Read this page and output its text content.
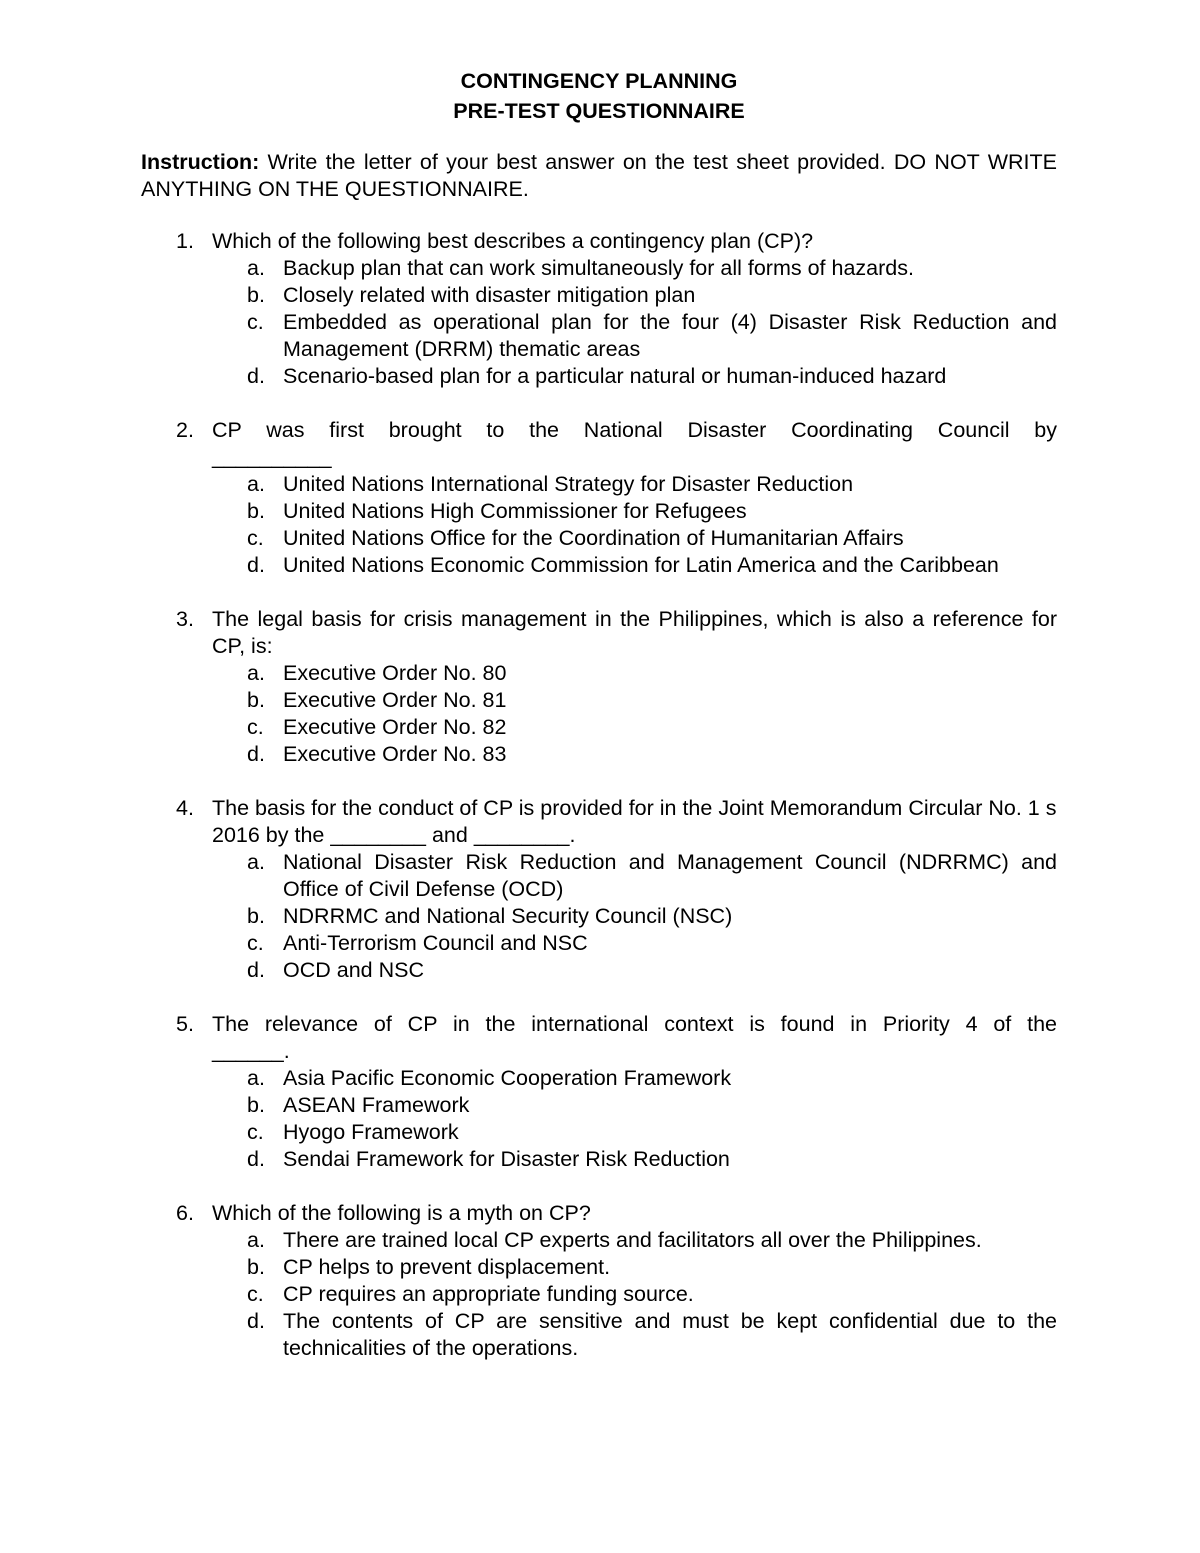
CONTINGENCY PLANNING
PRE-TEST QUESTIONNAIRE
Instruction: Write the letter of your best answer on the test sheet provided. DO NOT WRITE ANYTHING ON THE QUESTIONNAIRE.
1. Which of the following best describes a contingency plan (CP)?
a. Backup plan that can work simultaneously for all forms of hazards.
b. Closely related with disaster mitigation plan
c. Embedded as operational plan for the four (4) Disaster Risk Reduction and Management (DRRM) thematic areas
d. Scenario-based plan for a particular natural or human-induced hazard
2. CP was first brought to the National Disaster Coordinating Council by
__________
a. United Nations International Strategy for Disaster Reduction
b. United Nations High Commissioner for Refugees
c. United Nations Office for the Coordination of Humanitarian Affairs
d. United Nations Economic Commission for Latin America and the Caribbean
3. The legal basis for crisis management in the Philippines, which is also a reference for CP, is:
a. Executive Order No. 80
b. Executive Order No. 81
c. Executive Order No. 82
d. Executive Order No. 83
4. The basis for the conduct of CP is provided for in the Joint Memorandum Circular No. 1 s 2016 by the ________ and ________.
a. National Disaster Risk Reduction and Management Council (NDRRMC) and Office of Civil Defense (OCD)
b. NDRRMC and National Security Council (NSC)
c. Anti-Terrorism Council and NSC
d. OCD and NSC
5. The relevance of CP in the international context is found in Priority 4 of the
______.
a. Asia Pacific Economic Cooperation Framework
b. ASEAN Framework
c. Hyogo Framework
d. Sendai Framework for Disaster Risk Reduction
6. Which of the following is a myth on CP?
a. There are trained local CP experts and facilitators all over the Philippines.
b. CP helps to prevent displacement.
c. CP requires an appropriate funding source.
d. The contents of CP are sensitive and must be kept confidential due to the technicalities of the operations.
